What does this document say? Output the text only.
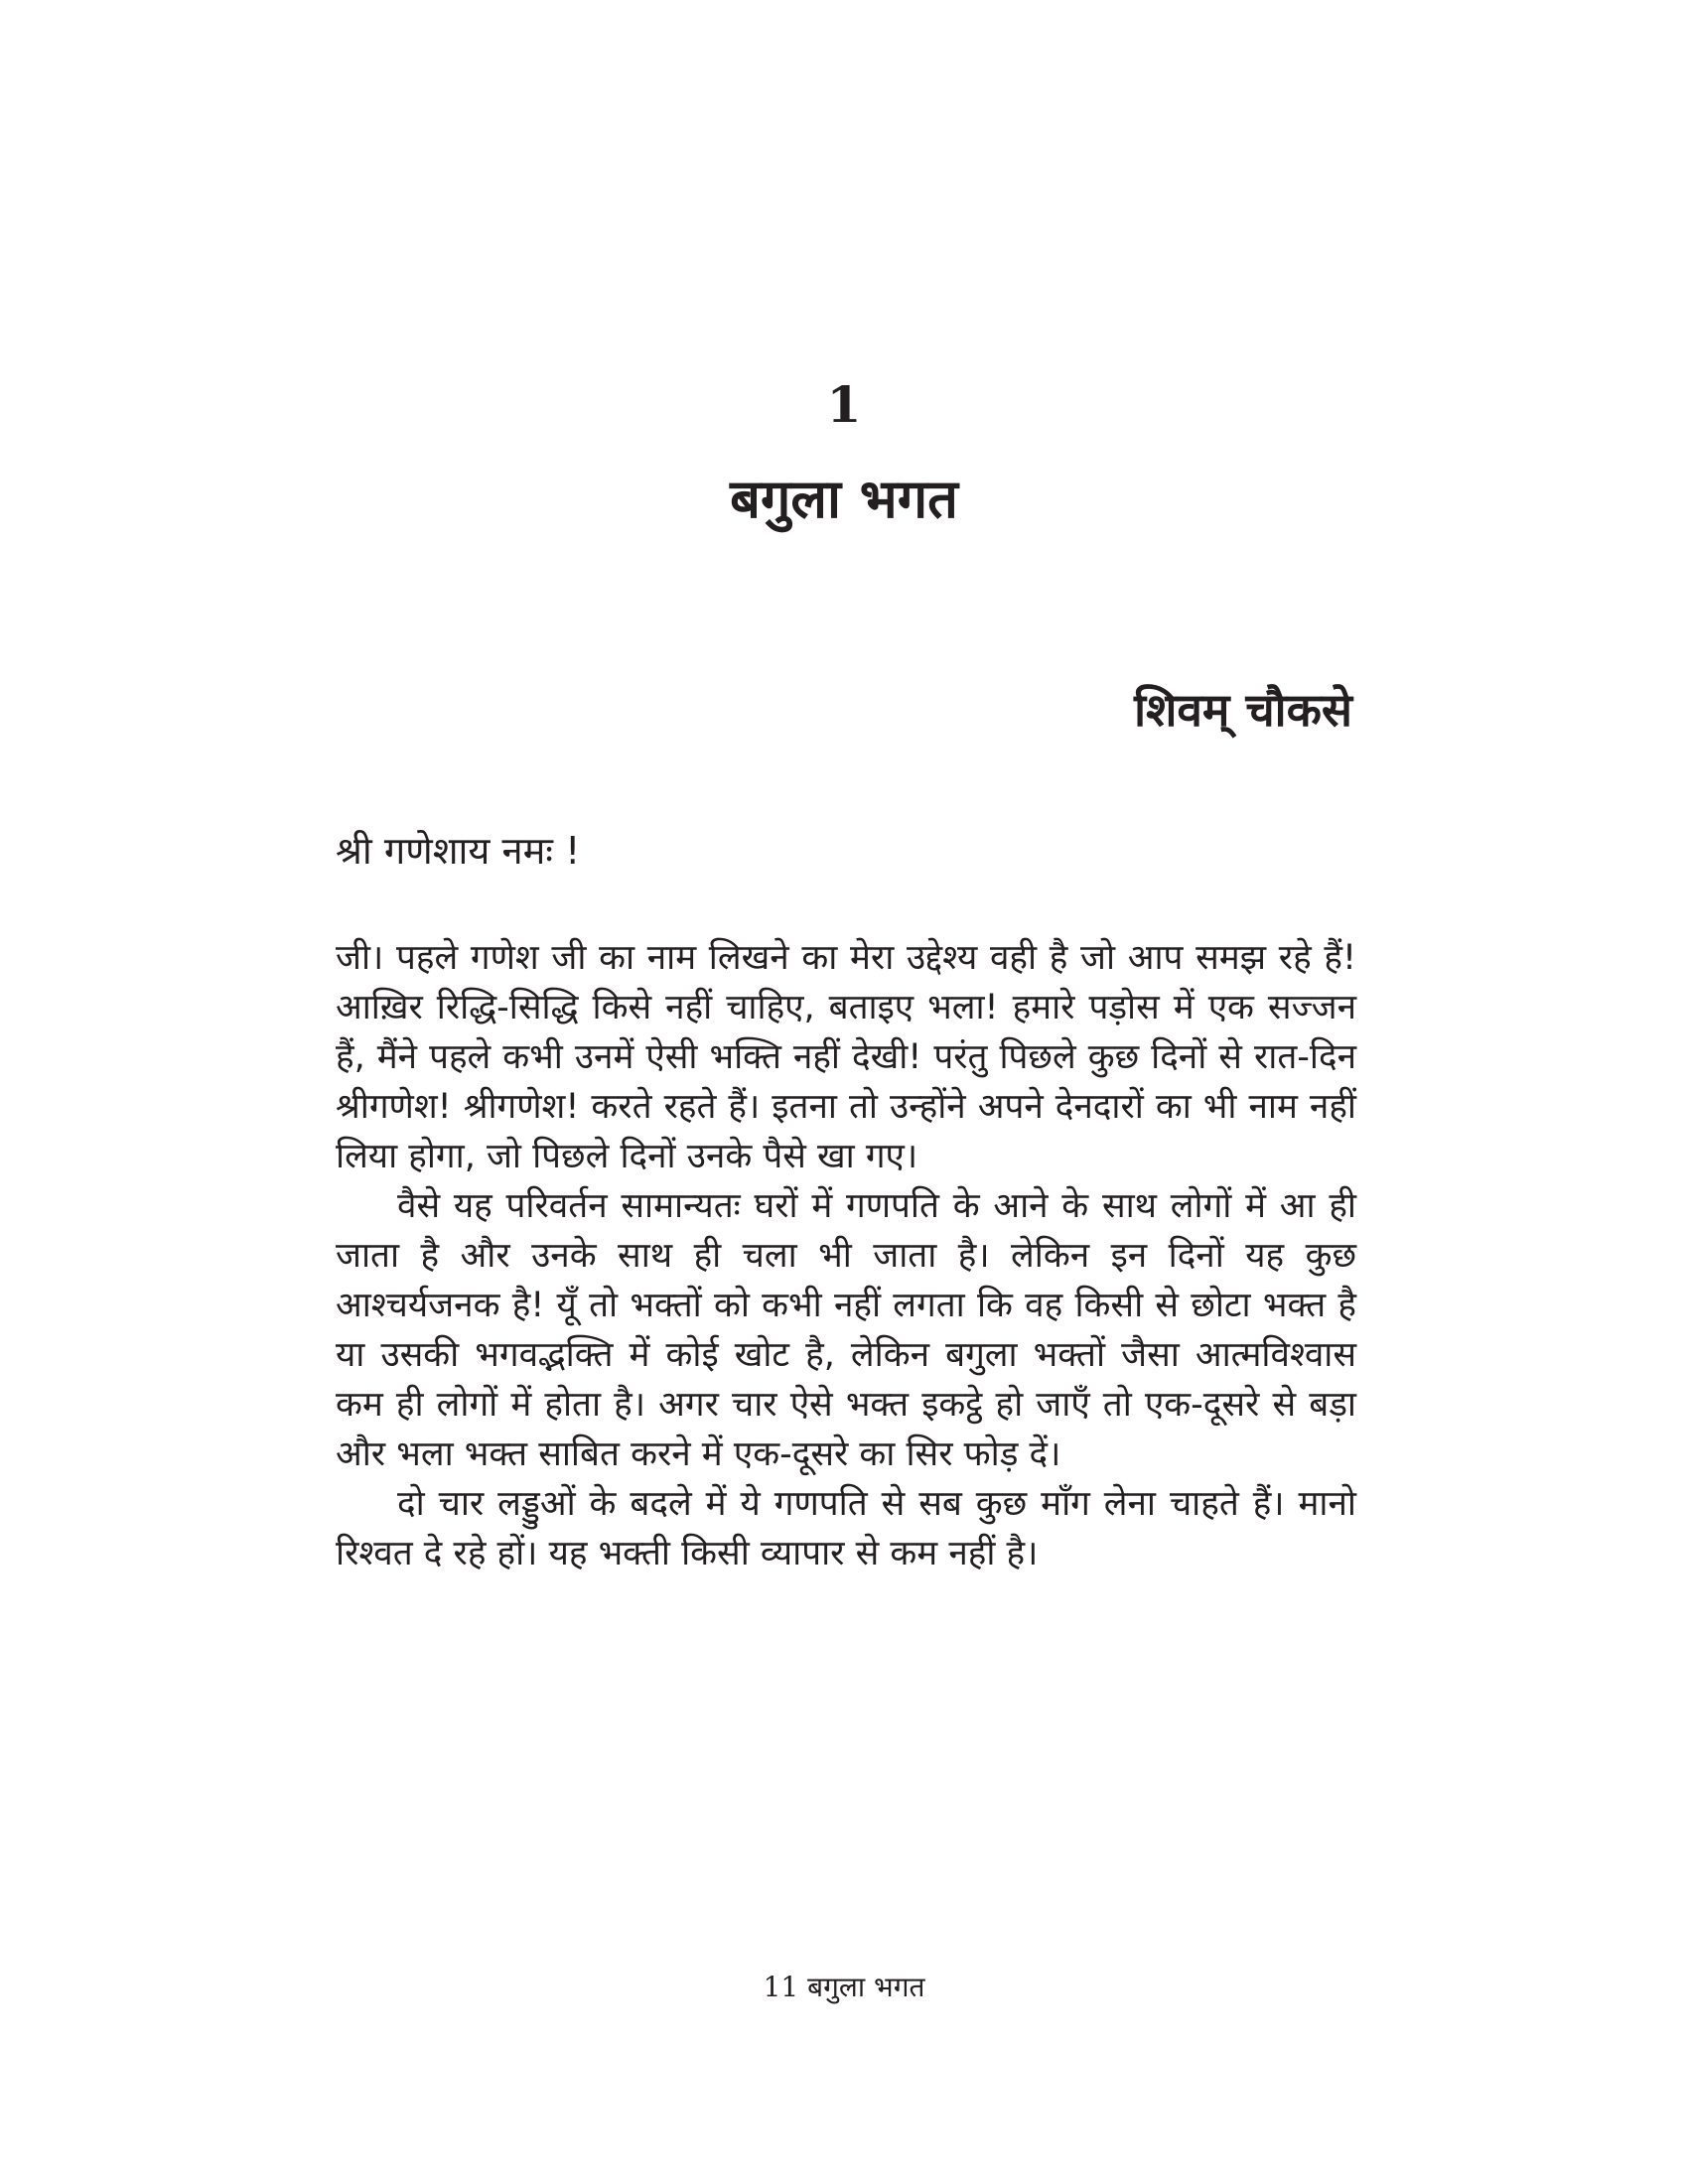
1
बगुला भगत
शिवम् चौकसे
श्री गणेशाय नमः !

जी। पहले गणेश जी का नाम लिखने का मेरा उद्देश्य वही है जो आप समझ रहे हैं! आख़िर रिद्धि-सिद्धि किसे नहीं चाहिए, बताइए भला! हमारे पड़ोस में एक सज्जन हैं, मैंने पहले कभी उनमें ऐसी भक्ति नहीं देखी! परंतु पिछले कुछ दिनों से रात-दिन श्रीगणेश! श्रीगणेश! करते रहते हैं। इतना तो उन्होंने अपने देनदारों का भी नाम नहीं लिया होगा, जो पिछले दिनों उनके पैसे खा गए।

वैसे यह परिवर्तन सामान्यतः घरों में गणपति के आने के साथ लोगों में आ ही जाता है और उनके साथ ही चला भी जाता है। लेकिन इन दिनों यह कुछ आश्चर्यजनक है! यूँ तो भक्तों को कभी नहीं लगता कि वह किसी से छोटा भक्त है या उसकी भगवद्भक्ति में कोई खोट है, लेकिन बगुला भक्तों जैसा आत्मविश्वास कम ही लोगों में होता है। अगर चार ऐसे भक्त इकट्ठे हो जाएँ तो एक-दूसरे से बड़ा और भला भक्त साबित करने में एक-दूसरे का सिर फोड़ दें।

दो चार लड्डुओं के बदले में ये गणपति से सब कुछ माँग लेना चाहते हैं। मानो रिश्वत दे रहे हों। यह भक्ती किसी व्यापार से कम नहीं है।

11 बगुला भगत
